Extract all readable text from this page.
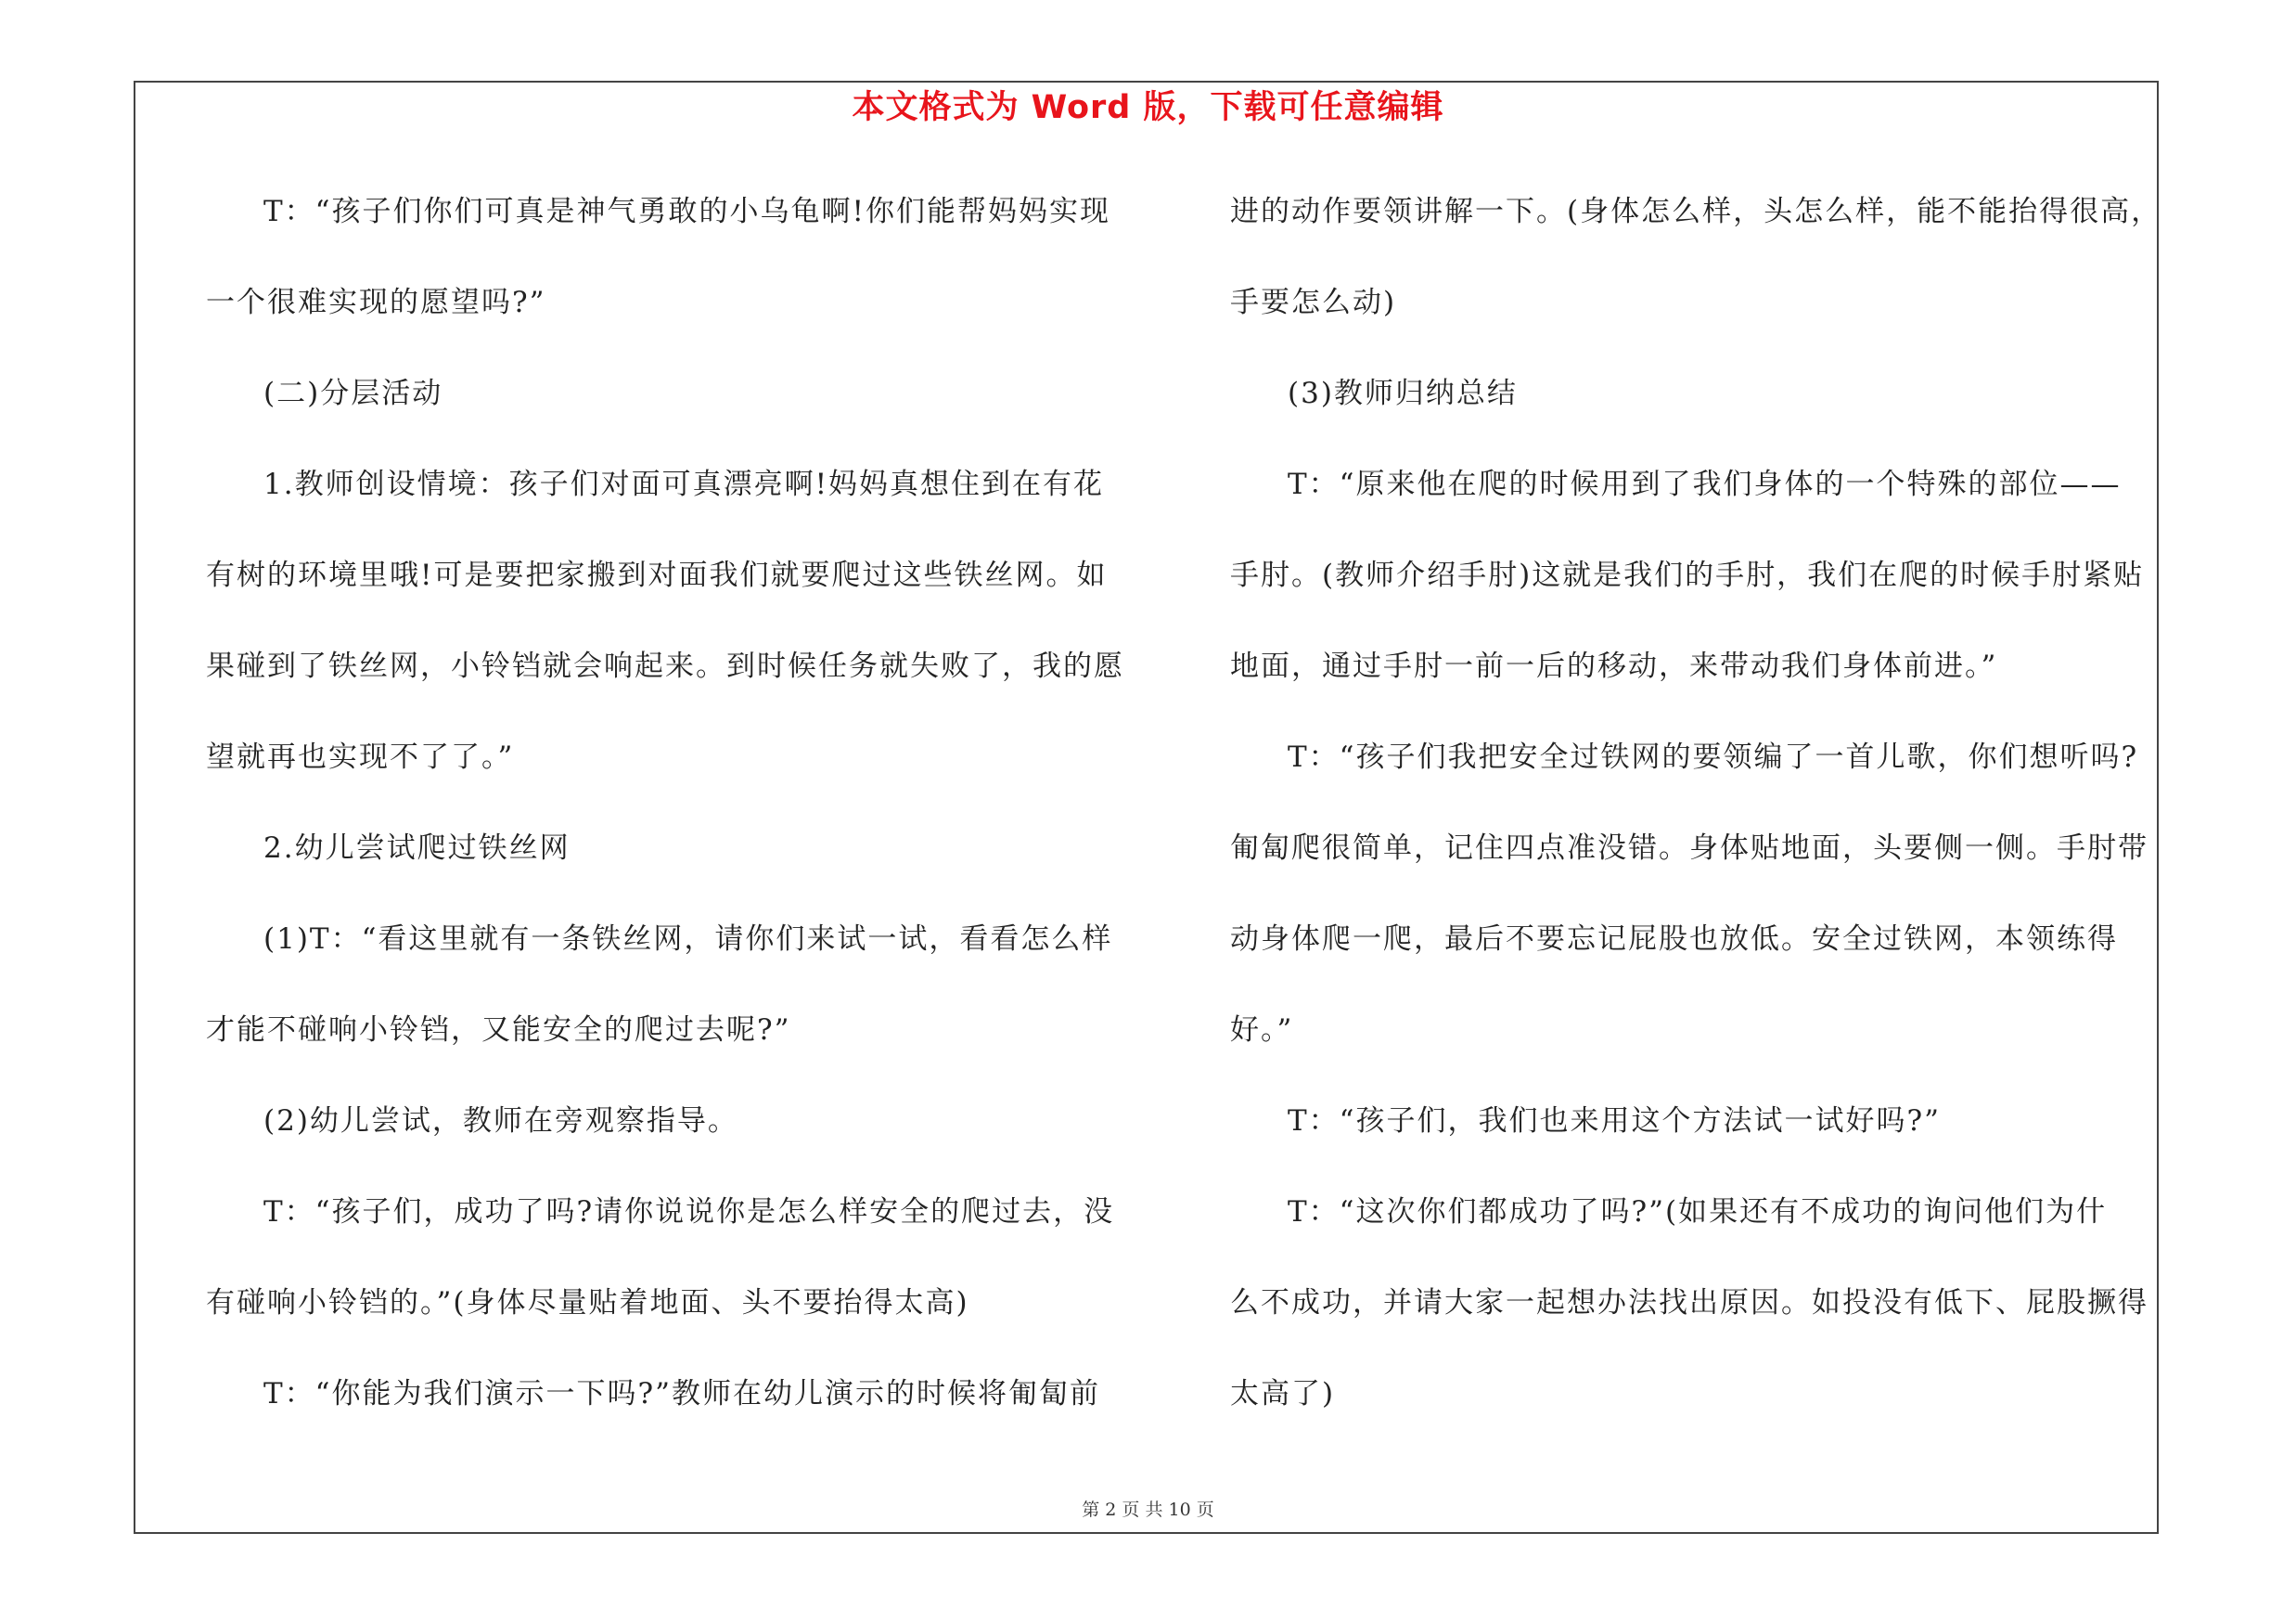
本文格式为 Word 版，下载可任意编辑

T：“孩子们你们可真是神气勇敢的小乌龟啊!你们能帮妈妈实现

一个很难实现的愿望吗?”

(二)分层活动

1.教师创设情境：孩子们对面可真漂亮啊!妈妈真想住到在有花

有树的环境里哦!可是要把家搬到对面我们就要爬过这些铁丝网。如

果碰到了铁丝网，小铃铛就会响起来。到时候任务就失败了，我的愿

望就再也实现不了了。”

2.幼儿尝试爬过铁丝网

(1)T：“看这里就有一条铁丝网，请你们来试一试，看看怎么样

才能不碰响小铃铛，又能安全的爬过去呢?”

(2)幼儿尝试，教师在旁观察指导。

T：“孩子们，成功了吗?请你说说你是怎么样安全的爬过去，没

有碰响小铃铛的。”(身体尽量贴着地面、头不要抬得太高)

T：“你能为我们演示一下吗?”教师在幼儿演示的时候将匍匐前

进的动作要领讲解一下。(身体怎么样，头怎么样，能不能抬得很高，

手要怎么动)

(3)教师归纳总结

T：“原来他在爬的时候用到了我们身体的一个特殊的部位——

手肘。(教师介绍手肘)这就是我们的手肘，我们在爬的时候手肘紧贴

地面，通过手肘一前一后的移动，来带动我们身体前进。”

T：“孩子们我把安全过铁网的要领编了一首儿歌，你们想听吗?

匍匐爬很简单，记住四点准没错。身体贴地面，头要侧一侧。手肘带

动身体爬一爬，最后不要忘记屁股也放低。安全过铁网，本领练得

好。”

T：“孩子们，我们也来用这个方法试一试好吗?”

T：“这次你们都成功了吗?”(如果还有不成功的询问他们为什

么不成功，并请大家一起想办法找出原因。如投没有低下、屁股撅得

太高了)

第 2 页 共 10 页
